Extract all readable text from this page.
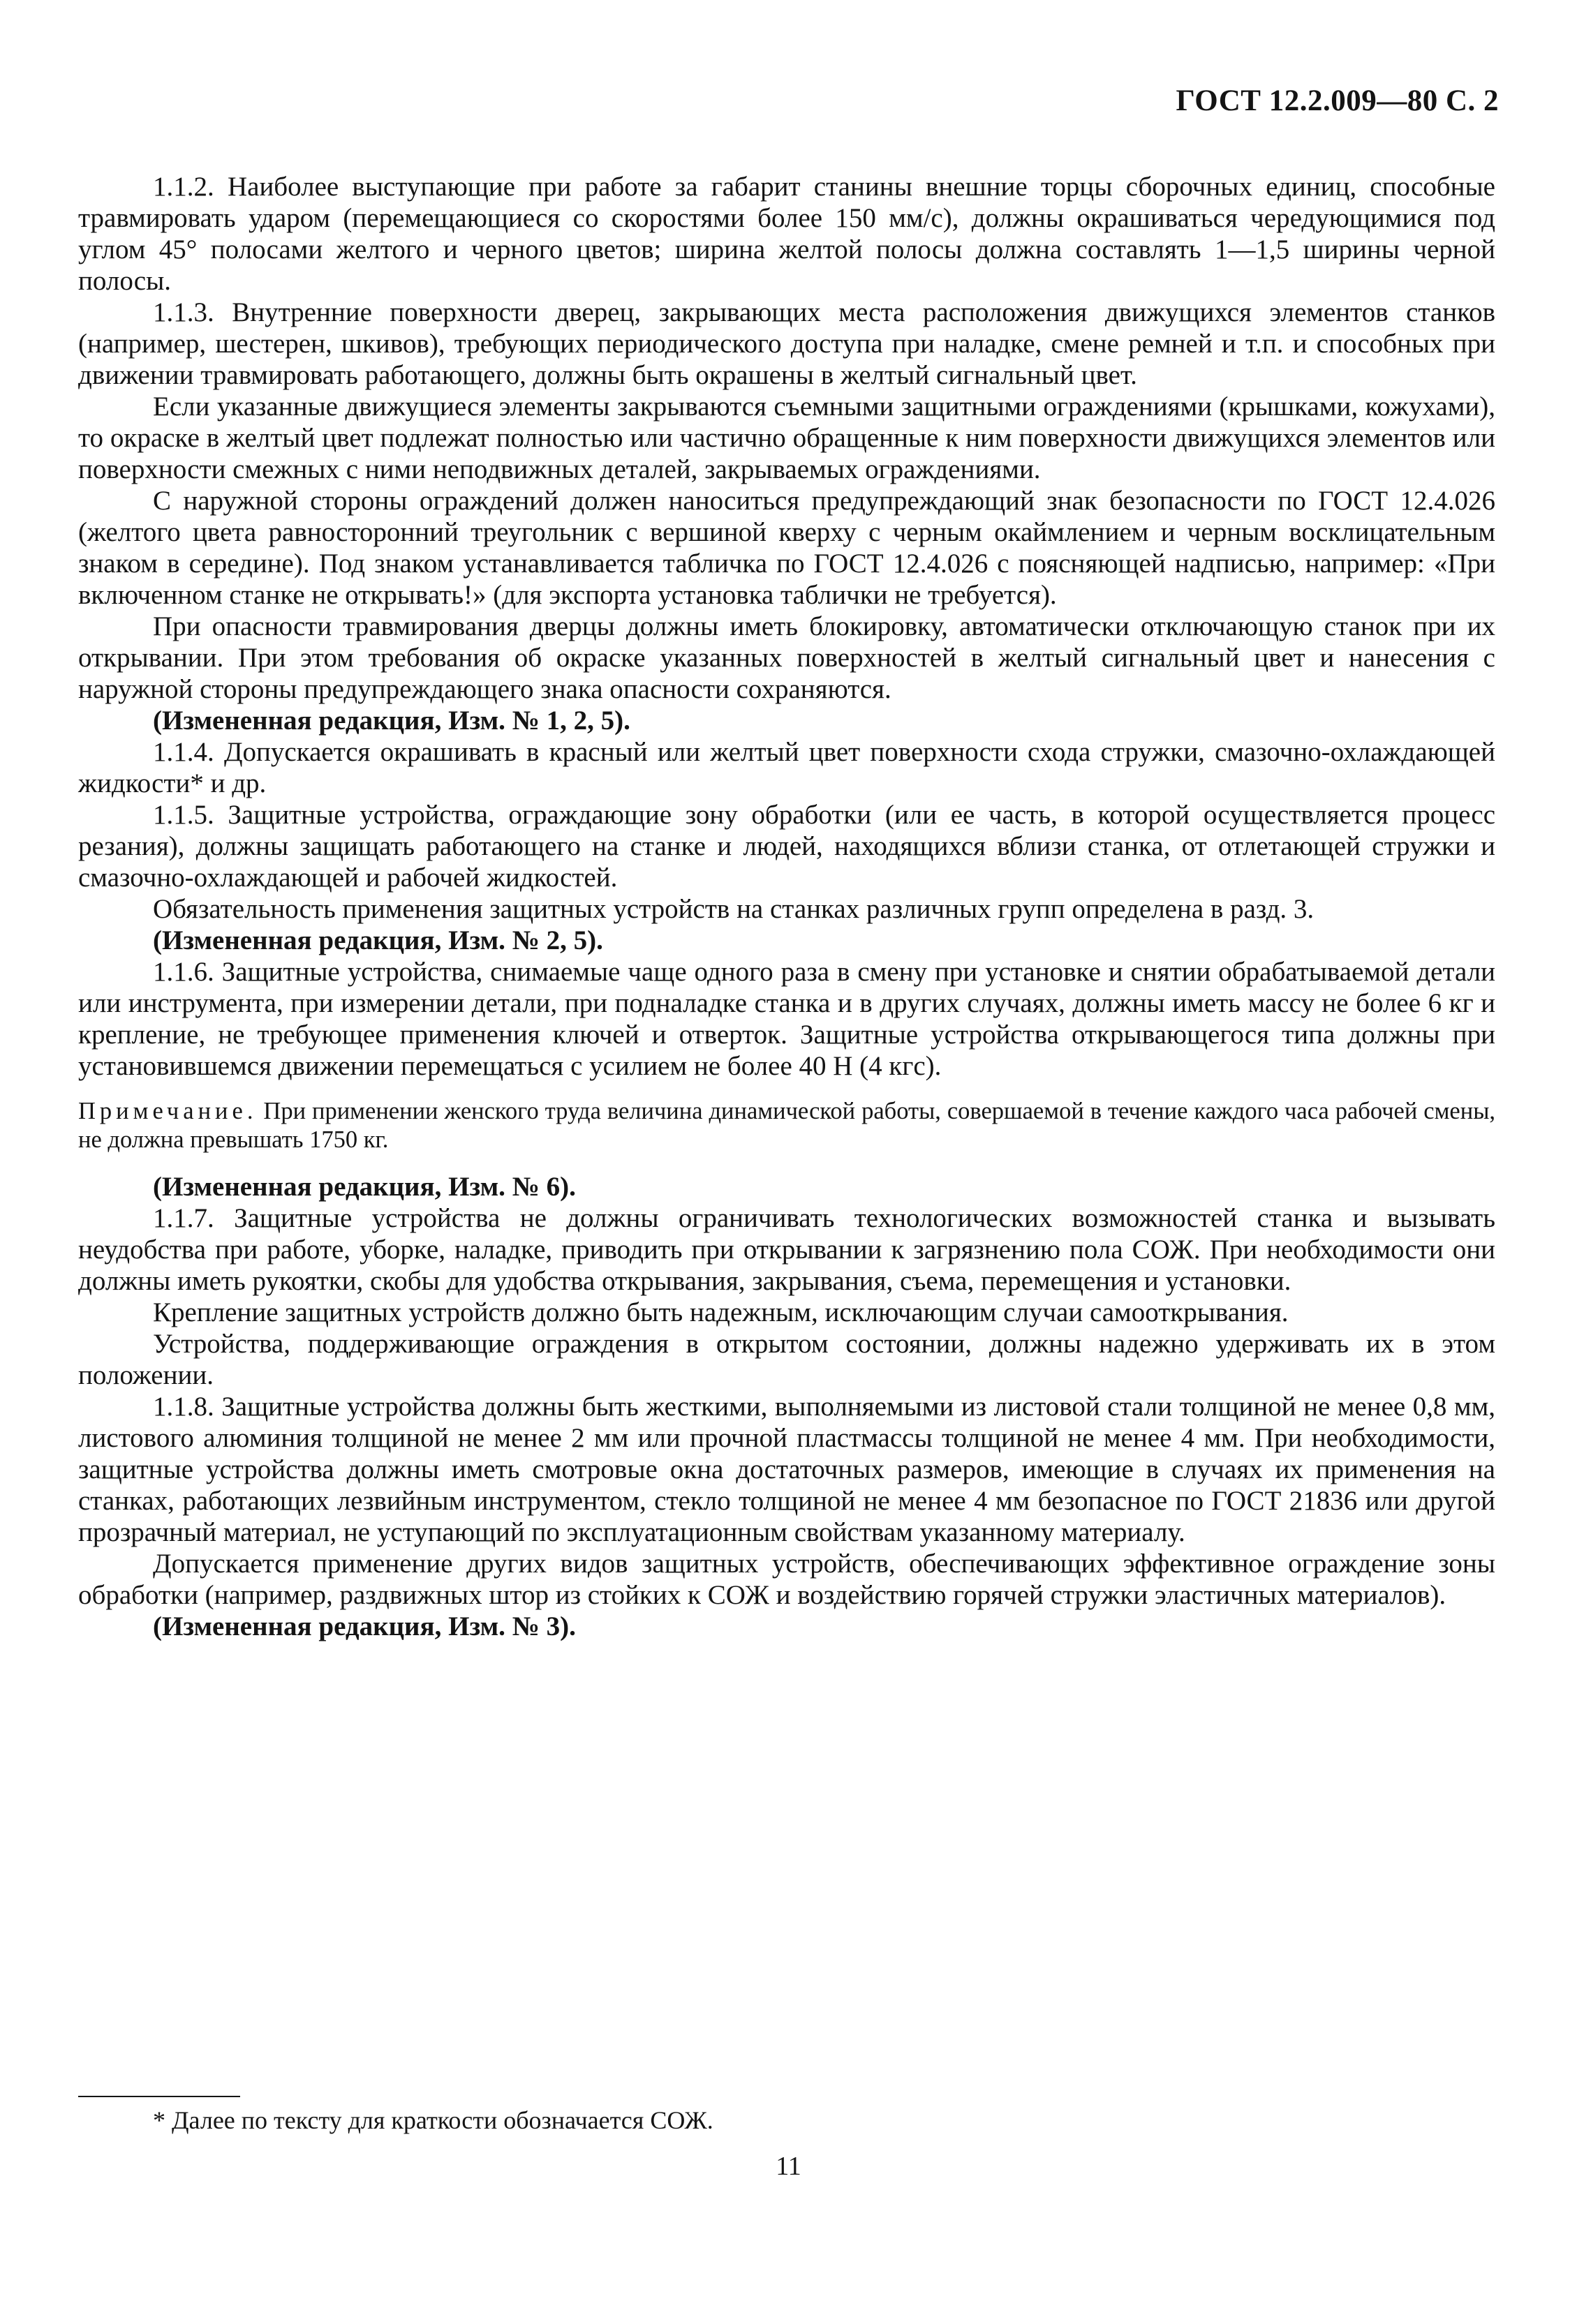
ГОСТ 12.2.009—80 С. 2

1.1.2. Наиболее выступающие при работе за габарит станины внешние торцы сборочных единиц, способные травмировать ударом (перемещающиеся со скоростями более 150 мм/с), должны окрашиваться чередующимися под углом 45° полосами желтого и черного цветов; ширина желтой полосы должна составлять 1—1,5 ширины черной полосы.

1.1.3. Внутренние поверхности дверец, закрывающих места расположения движущихся элементов станков (например, шестерен, шкивов), требующих периодического доступа при наладке, смене ремней и т.п. и способных при движении травмировать работающего, должны быть окрашены в желтый сигнальный цвет.

Если указанные движущиеся элементы закрываются съемными защитными ограждениями (крышками, кожухами), то окраске в желтый цвет подлежат полностью или частично обращенные к ним поверхности движущихся элементов или поверхности смежных с ними неподвижных деталей, закрываемых ограждениями.

С наружной стороны ограждений должен наноситься предупреждающий знак безопасности по ГОСТ 12.4.026 (желтого цвета равносторонний треугольник с вершиной кверху с черным окаймлением и черным восклицательным знаком в середине). Под знаком устанавливается табличка по ГОСТ 12.4.026 с поясняющей надписью, например: «При включенном станке не открывать!» (для экспорта установка таблички не требуется).

При опасности травмирования дверцы должны иметь блокировку, автоматически отключающую станок при их открывании. При этом требования об окраске указанных поверхностей в желтый сигнальный цвет и нанесения с наружной стороны предупреждающего знака опасности сохраняются.

(Измененная редакция, Изм. № 1, 2, 5).

1.1.4. Допускается окрашивать в красный или желтый цвет поверхности схода стружки, смазочно-охлаждающей жидкости* и др.

1.1.5. Защитные устройства, ограждающие зону обработки (или ее часть, в которой осуществляется процесс резания), должны защищать работающего на станке и людей, находящихся вблизи станка, от отлетающей стружки и смазочно-охлаждающей и рабочей жидкостей.

Обязательность применения защитных устройств на станках различных групп определена в разд. 3.

(Измененная редакция, Изм. № 2, 5).

1.1.6. Защитные устройства, снимаемые чаще одного раза в смену при установке и снятии обрабатываемой детали или инструмента, при измерении детали, при подналадке станка и в других случаях, должны иметь массу не более 6 кг и крепление, не требующее применения ключей и отверток. Защитные устройства открывающегося типа должны при установившемся движении перемещаться с усилием не более 40 Н (4 кгс).

Примечание. При применении женского труда величина динамической работы, совершаемой в течение каждого часа рабочей смены, не должна превышать 1750 кг.

(Измененная редакция, Изм. № 6).

1.1.7. Защитные устройства не должны ограничивать технологических возможностей станка и вызывать неудобства при работе, уборке, наладке, приводить при открывании к загрязнению пола СОЖ. При необходимости они должны иметь рукоятки, скобы для удобства открывания, закрывания, съема, перемещения и установки.

Крепление защитных устройств должно быть надежным, исключающим случаи самооткрывания.

Устройства, поддерживающие ограждения в открытом состоянии, должны надежно удерживать их в этом положении.

1.1.8. Защитные устройства должны быть жесткими, выполняемыми из листовой стали толщиной не менее 0,8 мм, листового алюминия толщиной не менее 2 мм или прочной пластмассы толщиной не менее 4 мм. При необходимости, защитные устройства должны иметь смотровые окна достаточных размеров, имеющие в случаях их применения на станках, работающих лезвийным инструментом, стекло толщиной не менее 4 мм безопасное по ГОСТ 21836 или другой прозрачный материал, не уступающий по эксплуатационным свойствам указанному материалу.

Допускается применение других видов защитных устройств, обеспечивающих эффективное ограждение зоны обработки (например, раздвижных штор из стойких к СОЖ и воздействию горячей стружки эластичных материалов).

(Измененная редакция, Изм. № 3).

* Далее по тексту для краткости обозначается СОЖ.
11
